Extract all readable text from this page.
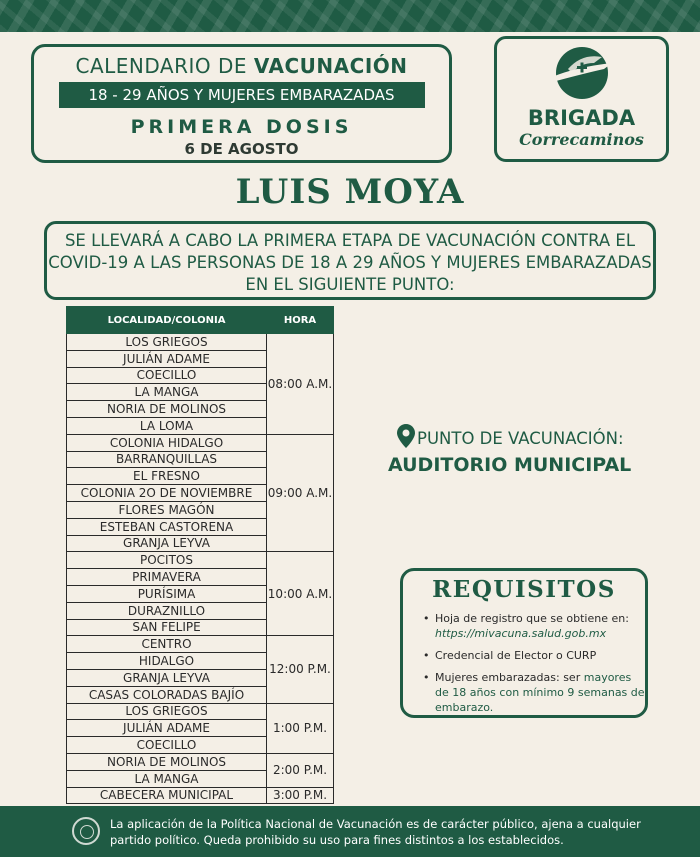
CALENDARIO DE VACUNACIÓN
18 - 29 AÑOS Y MUJERES EMBARAZADAS
PRIMERA DOSIS
6 DE AGOSTO
BRIGADA
Correcaminos
LUIS MOYA
SE LLEVARÁ A CABO LA PRIMERA ETAPA DE VACUNACIÓN CONTRA EL COVID-19 A LAS PERSONAS DE 18 A 29 AÑOS Y MUJERES EMBARAZADAS EN EL SIGUIENTE PUNTO:
LOCALIDAD/COLONIA	HORA
LOS GRIEGOS	08:00 A.M.
JULIÁN ADAME	
COECILLO	
LA MANGA	
NORIA DE MOLINOS	
LA LOMA	
COLONIA HIDALGO	09:00 A.M.
BARRANQUILLAS	
EL FRESNO	
COLONIA 2O DE NOVIEMBRE	
FLORES MAGÓN	
ESTEBAN CASTORENA	
GRANJA LEYVA	
POCITOS	10:00 A.M.
PRIMAVERA	
PURÍSIMA	
DURAZNILLO	
SAN FELIPE	
CENTRO	12:00 P.M.
HIDALGO	
GRANJA LEYVA	
CASAS COLORADAS BAJÍO	
LOS GRIEGOS	1:00 P.M.
JULIÁN ADAME	
COECILLO	
NORIA DE MOLINOS	2:00 P.M.
LA MANGA	
CABECERA MUNICIPAL	3:00 P.M.
PUNTO DE VACUNACIÓN:
AUDITORIO MUNICIPAL
REQUISITOS
• Hoja de registro que se obtiene en: https://mivacuna.salud.gob.mx
• Credencial de Elector o CURP
• Mujeres embarazadas: ser mayores de 18 años con mínimo 9 semanas de embarazo.
La aplicación de la Política Nacional de Vacunación es de carácter público, ajena a cualquier partido político. Queda prohibido su uso para fines distintos a los establecidos.
